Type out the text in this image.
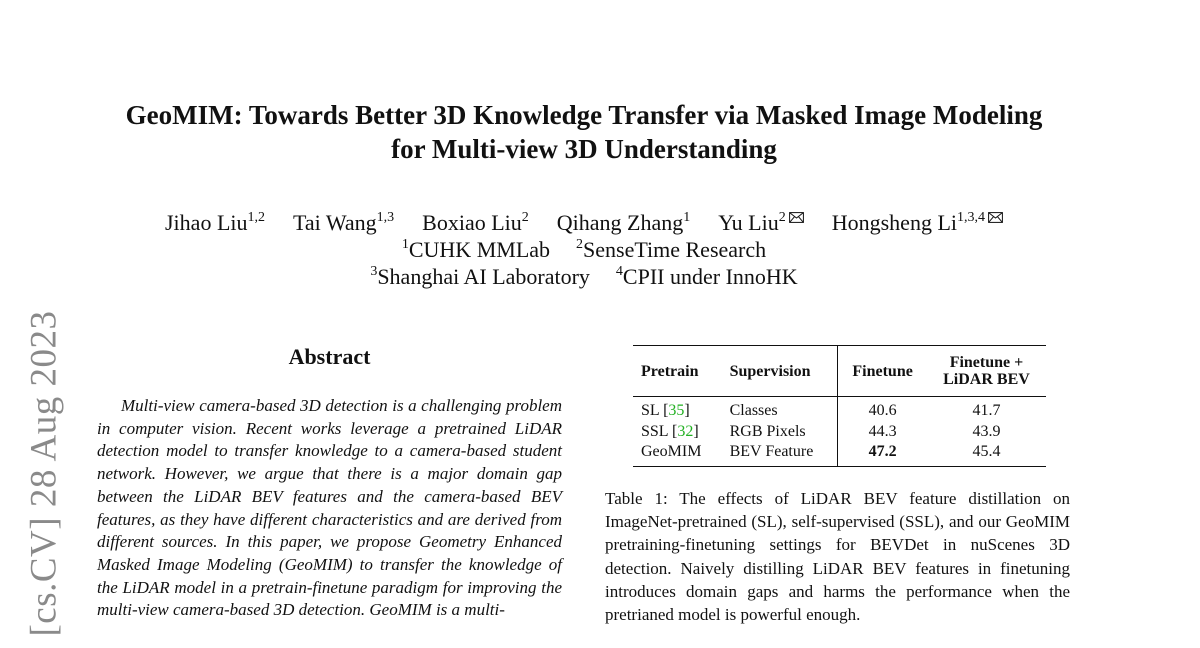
[cs.CV] 28 Aug 2023
GeoMIM: Towards Better 3D Knowledge Transfer via Masked Image Modeling
for Multi-view 3D Understanding
Jihao Liu$^{1,2}$ Tai Wang$^{1,3}$ Boxiao Liu$^2$ Qihang Zhang$^1$ Yu Liu$^2$	Hongsheng Li$^{1,3,4}$
$^1$CUHK MMLab $^2$SenseTime Research
$^3$Shanghai AI Laboratory $^4$CPII under InnoHK
Abstract
Multi-view camera-based 3D detection is a challenging problem in computer vision. Recent works leverage a pretrained LiDAR detection model to transfer knowledge to a camera-based student network. However, we argue that there is a major domain gap between the LiDAR BEV features and the camera-based BEV features, as they have different characteristics and are derived from different sources. In this paper, we propose Geometry Enhanced Masked Image Modeling (GeoMIM) to transfer the knowledge of the LiDAR model in a pretrain-finetune paradigm for improving the multi-view camera-based 3D detection. GeoMIM is a multi-
Pretrain	Supervision	Finetune	Finetune +
LiDAR BEV
SL [35]	Classes	40.6	41.7
SSL [32]	RGB Pixels	44.3	43.9
GeoMIM	BEV Feature	47.2	45.4
Table 1: The effects of LiDAR BEV feature distillation on ImageNet-pretrained (SL), self-supervised (SSL), and our GeoMIM pretraining-finetuning settings for BEVDet in nuScenes 3D detection. Naively distilling LiDAR BEV features in finetuning introduces domain gaps and harms the performance when the pretrianed model is powerful enough.
